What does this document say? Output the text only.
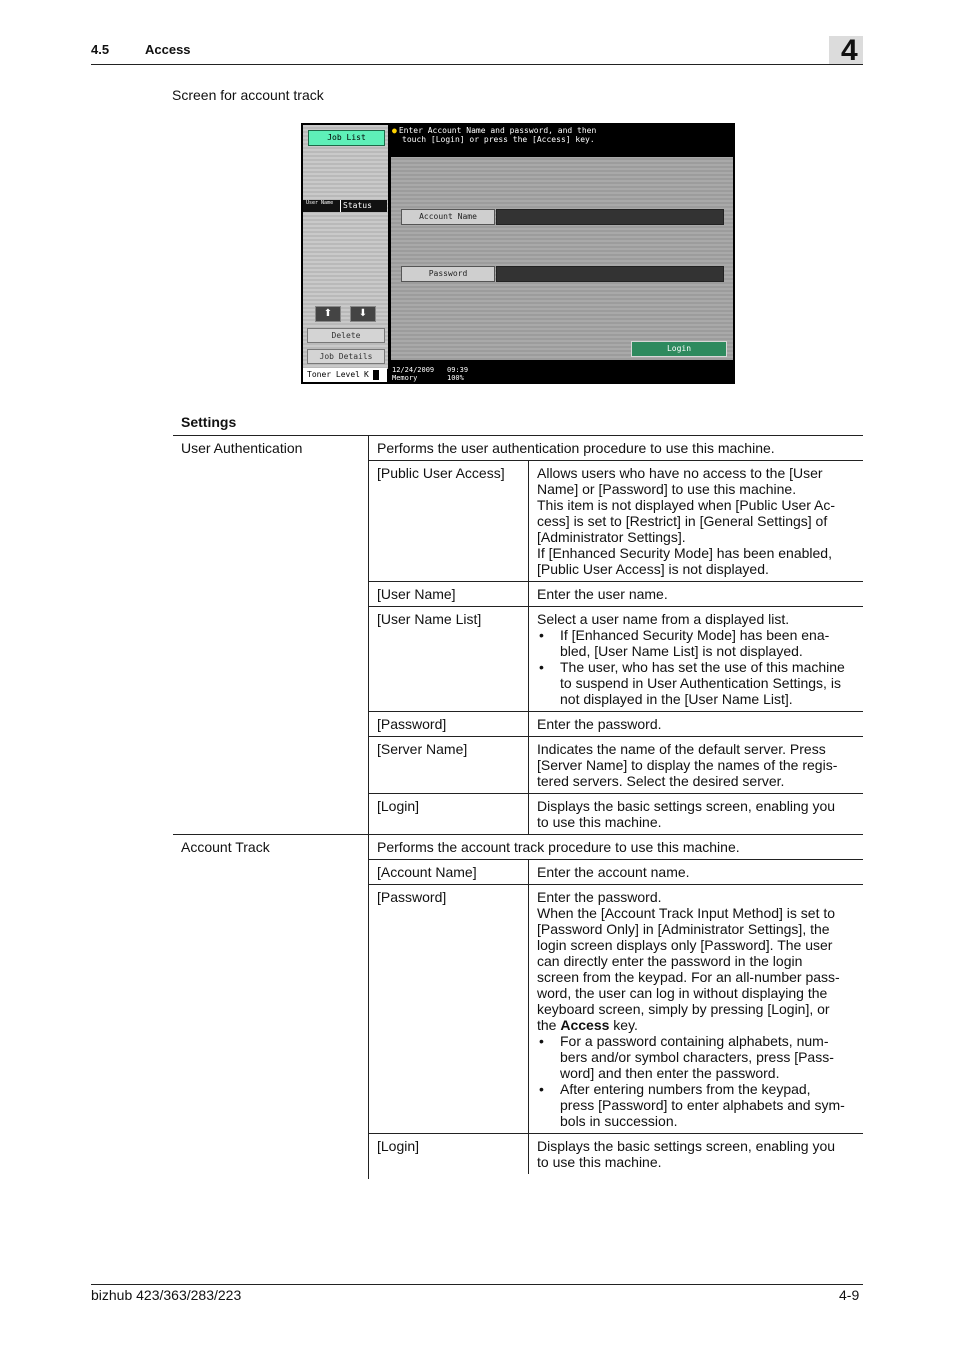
4.5	Access	4
Screen for account track
Job List
User Name	Status
⬆	⬇
Delete
Job Details
Toner Level K
● Enter Account Name and password, and then
touch [Login] or press the [Access] key.
Account Name
Password
Login
12/24/2009 09:39
Memory	100%
Settings
User Authentication	Performs the user authentication procedure to use this machine.
[Public User Access]	Allows users who have no access to the [User

Name] or [Password] to use this machine.

This item is not displayed when [Public User Ac-

cess] is set to [Restrict] in [General Settings] of

[Administrator Settings].

If [Enhanced Security Mode] has been enabled,

[Public User Access] is not displayed.

[User Name]	Enter the user name.

[User Name List]	Select a user name from a displayed list.

• If [Enhanced Security Mode] has been ena-
bled, [User Name List] is not displayed.
• The user, who has set the use of this machine
to suspend in User Authentication Settings, is
not displayed in the [User Name List].
[Password]	Enter the password.

[Server Name]	Indicates the name of the default server. Press

[Server Name] to display the names of the regis-

tered servers. Select the desired server.

[Login]	Displays the basic settings screen, enabling you

to use this machine.

Account Track	Performs the account track procedure to use this machine.
[Account Name]	Enter the account name.

[Password]	Enter the password.

When the [Account Track Input Method] is set to

[Password Only] in [Administrator Settings], the

login screen displays only [Password]. The user

can directly enter the password in the login

screen from the keypad. For an all-number pass-

word, the user can log in without displaying the

keyboard screen, simply by pressing [Login], or

the Access key.

• For a password containing alphabets, num-
bers and/or symbol characters, press [Pass-
word] and then enter the password.
• After entering numbers from the keypad,
press [Password] to enter alphabets and sym-
bols in succession.
[Login]	Displays the basic settings screen, enabling you

to use this machine.

bizhub 423/363/283/223	4-9
